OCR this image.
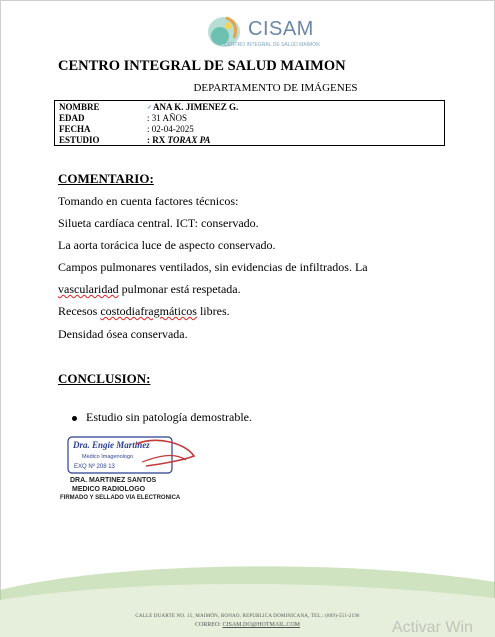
CISAM
CENTRO INTEGRAL DE SALUD MAIMON
CENTRO INTEGRAL DE SALUD MAIMON
DEPARTAMENTO DE IMÁGENES
NOMBRE	✓ANA K. JIMENEZ G.
EDAD	: 31 AÑOS
FECHA	: 02-04-2025
ESTUDIO	: RX TORAX PA
COMENTARIO:
Tomando en cuenta factores técnicos:
Silueta cardíaca central. ICT: conservado.
La aorta torácica luce de aspecto conservado.
Campos pulmonares ventilados, sin evidencias de infiltrados. La
vascularidad pulmonar está respetada.
Recesos costodiafragmáticos libres.
Densidad ósea conservada.
CONCLUSION:
Estudio sin patología demostrable.
Dra. Engie Martinez
Medico Imagenologo
EXQ Nº 208 13
DRA. MARTINEZ SANTOS
MEDICO RADIOLOGO
FIRMADO Y SELLADO VIA ELECTRONICA
CALLE DUARTE NO. 15, MAIMÓN, BONAO, REPUBLICA DOMINICANA, TEL.: (809)-551-2196
CORREO: CISAM.DO@HOTMAIL.COM	Activar Win
